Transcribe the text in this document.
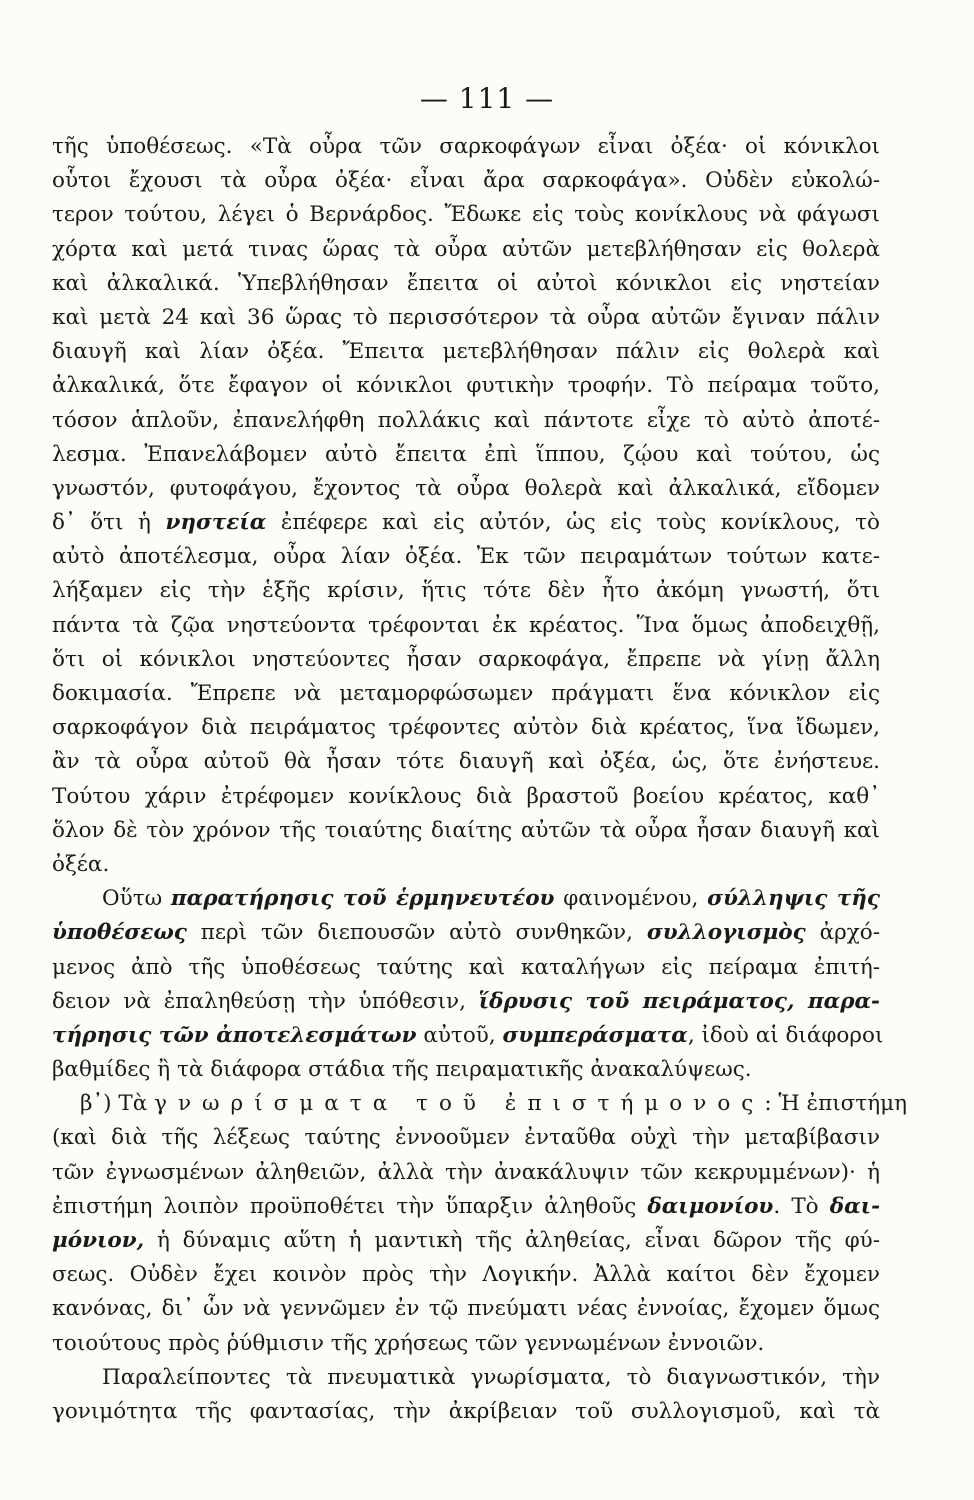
— 111 —
τῆς ὑποθέσεως. «Τὰ οὖρα τῶν σαρκοφάγων εἶναι ὀξέα· οἱ κόνικλοι
οὗτοι ἔχουσι τὰ οὖρα ὀξέα· εἶναι ἄρα σαρκοφάγα». Οὐδὲν εὐκολώ-
τερον τούτου, λέγει ὁ Βερνάρδος. Ἔδωκε εἰς τοὺς κονίκλους νὰ φάγωσι
χόρτα καὶ μετά τινας ὥρας τὰ οὖρα αὐτῶν μετεβλήθησαν εἰς θολερὰ
καὶ ἀλκαλικά. Ὑπεβλήθησαν ἔπειτα οἱ αὐτοὶ κόνικλοι εἰς νηστείαν
καὶ μετὰ 24 καὶ 36 ὥρας τὸ περισσότερον τὰ οὖρα αὐτῶν ἔγιναν πάλιν
διαυγῆ καὶ λίαν ὀξέα. Ἔπειτα μετεβλήθησαν πάλιν εἰς θολερὰ καὶ
ἀλκαλικά, ὅτε ἔφαγον οἱ κόνικλοι φυτικὴν τροφήν. Τὸ πείραμα τοῦτο,
τόσον ἁπλοῦν, ἐπανελήφθη πολλάκις καὶ πάντοτε εἶχε τὸ αὐτὸ ἀποτέ-
λεσμα. Ἐπανελάβομεν αὐτὸ ἔπειτα ἐπὶ ἵππου, ζῴου καὶ τούτου, ὡς
γνωστόν, φυτοφάγου, ἔχοντος τὰ οὖρα θολερὰ καὶ ἀλκαλικά, εἴδομεν
δ᾽ ὅτι ἡ νηστεία ἐπέφερε καὶ εἰς αὐτόν, ὡς εἰς τοὺς κονίκλους, τὸ
αὐτὸ ἀποτέλεσμα, οὖρα λίαν ὀξέα. Ἐκ τῶν πειραμάτων τούτων κατε-
λήξαμεν εἰς τὴν ἑξῆς κρίσιν, ἥτις τότε δὲν ἦτο ἀκόμη γνωστή, ὅτι
πάντα τὰ ζῷα νηστεύοντα τρέφονται ἐκ κρέατος. Ἵνα ὅμως ἀποδειχθῇ,
ὅτι οἱ κόνικλοι νηστεύοντες ἦσαν σαρκοφάγα, ἔπρεπε νὰ γίνῃ ἄλλη
δοκιμασία. Ἔπρεπε νὰ μεταμορφώσωμεν πράγματι ἕνα κόνικλον εἰς
σαρκοφάγον διὰ πειράματος τρέφοντες αὐτὸν διὰ κρέατος, ἵνα ἴδωμεν,
ἂν τὰ οὖρα αὐτοῦ θὰ ἦσαν τότε διαυγῆ καὶ ὀξέα, ὡς, ὅτε ἐνήστευε.
Τούτου χάριν ἐτρέφομεν κονίκλους διὰ βραστοῦ βοείου κρέατος, καθ᾽
ὅλον δὲ τὸν χρόνον τῆς τοιαύτης διαίτης αὐτῶν τὰ οὖρα ἦσαν διαυγῆ καὶ
ὀξέα.
Οὕτω παρατήρησις τοῦ ἑρμηνευτέου φαινομένου, σύλληψις τῆς
ὑποθέσεως περὶ τῶν διεπουσῶν αὐτὸ συνθηκῶν, συλλογισμὸς ἀρχό-
μενος ἀπὸ τῆς ὑποθέσεως ταύτης καὶ καταλήγων εἰς πείραμα ἐπιτή-
δειον νὰ ἐπαληθεύσῃ τὴν ὑπόθεσιν, ἵδρυσις τοῦ πειράματος, παρα-
τήρησις τῶν ἀποτελεσμάτων αὐτοῦ, συμπεράσματα, ἰδοὺ αἱ διάφοροι
βαθμίδες ἢ τὰ διάφορα στάδια τῆς πειραματικῆς ἀνακαλύψεως.
β᾽) Τὰ γνωρίσματα τοῦ ἐπιστήμονος: Ἡ ἐπιστήμη
(καὶ διὰ τῆς λέξεως ταύτης ἐννοοῦμεν ἐνταῦθα οὐχὶ τὴν μεταβίβασιν
τῶν ἐγνωσμένων ἀληθειῶν, ἀλλὰ τὴν ἀνακάλυψιν τῶν κεκρυμμένων)· ἡ
ἐπιστήμη λοιπὸν προϋποθέτει τὴν ὕπαρξιν ἀληθοῦς δαιμονίου. Τὸ δαι-
μόνιον, ἡ δύναμις αὕτη ἡ μαντικὴ τῆς ἀληθείας, εἶναι δῶρον τῆς φύ-
σεως. Οὐδὲν ἔχει κοινὸν πρὸς τὴν Λογικήν. Ἀλλὰ καίτοι δὲν ἔχομεν
κανόνας, δι᾽ ὧν νὰ γεννῶμεν ἐν τῷ πνεύματι νέας ἐννοίας, ἔχομεν ὅμως
τοιούτους πρὸς ῥύθμισιν τῆς χρήσεως τῶν γεννωμένων ἐννοιῶν.
Παραλείποντες τὰ πνευματικὰ γνωρίσματα, τὸ διαγνωστικόν, τὴν
γονιμότητα τῆς φαντασίας, τὴν ἀκρίβειαν τοῦ συλλογισμοῦ, καὶ τὰ
